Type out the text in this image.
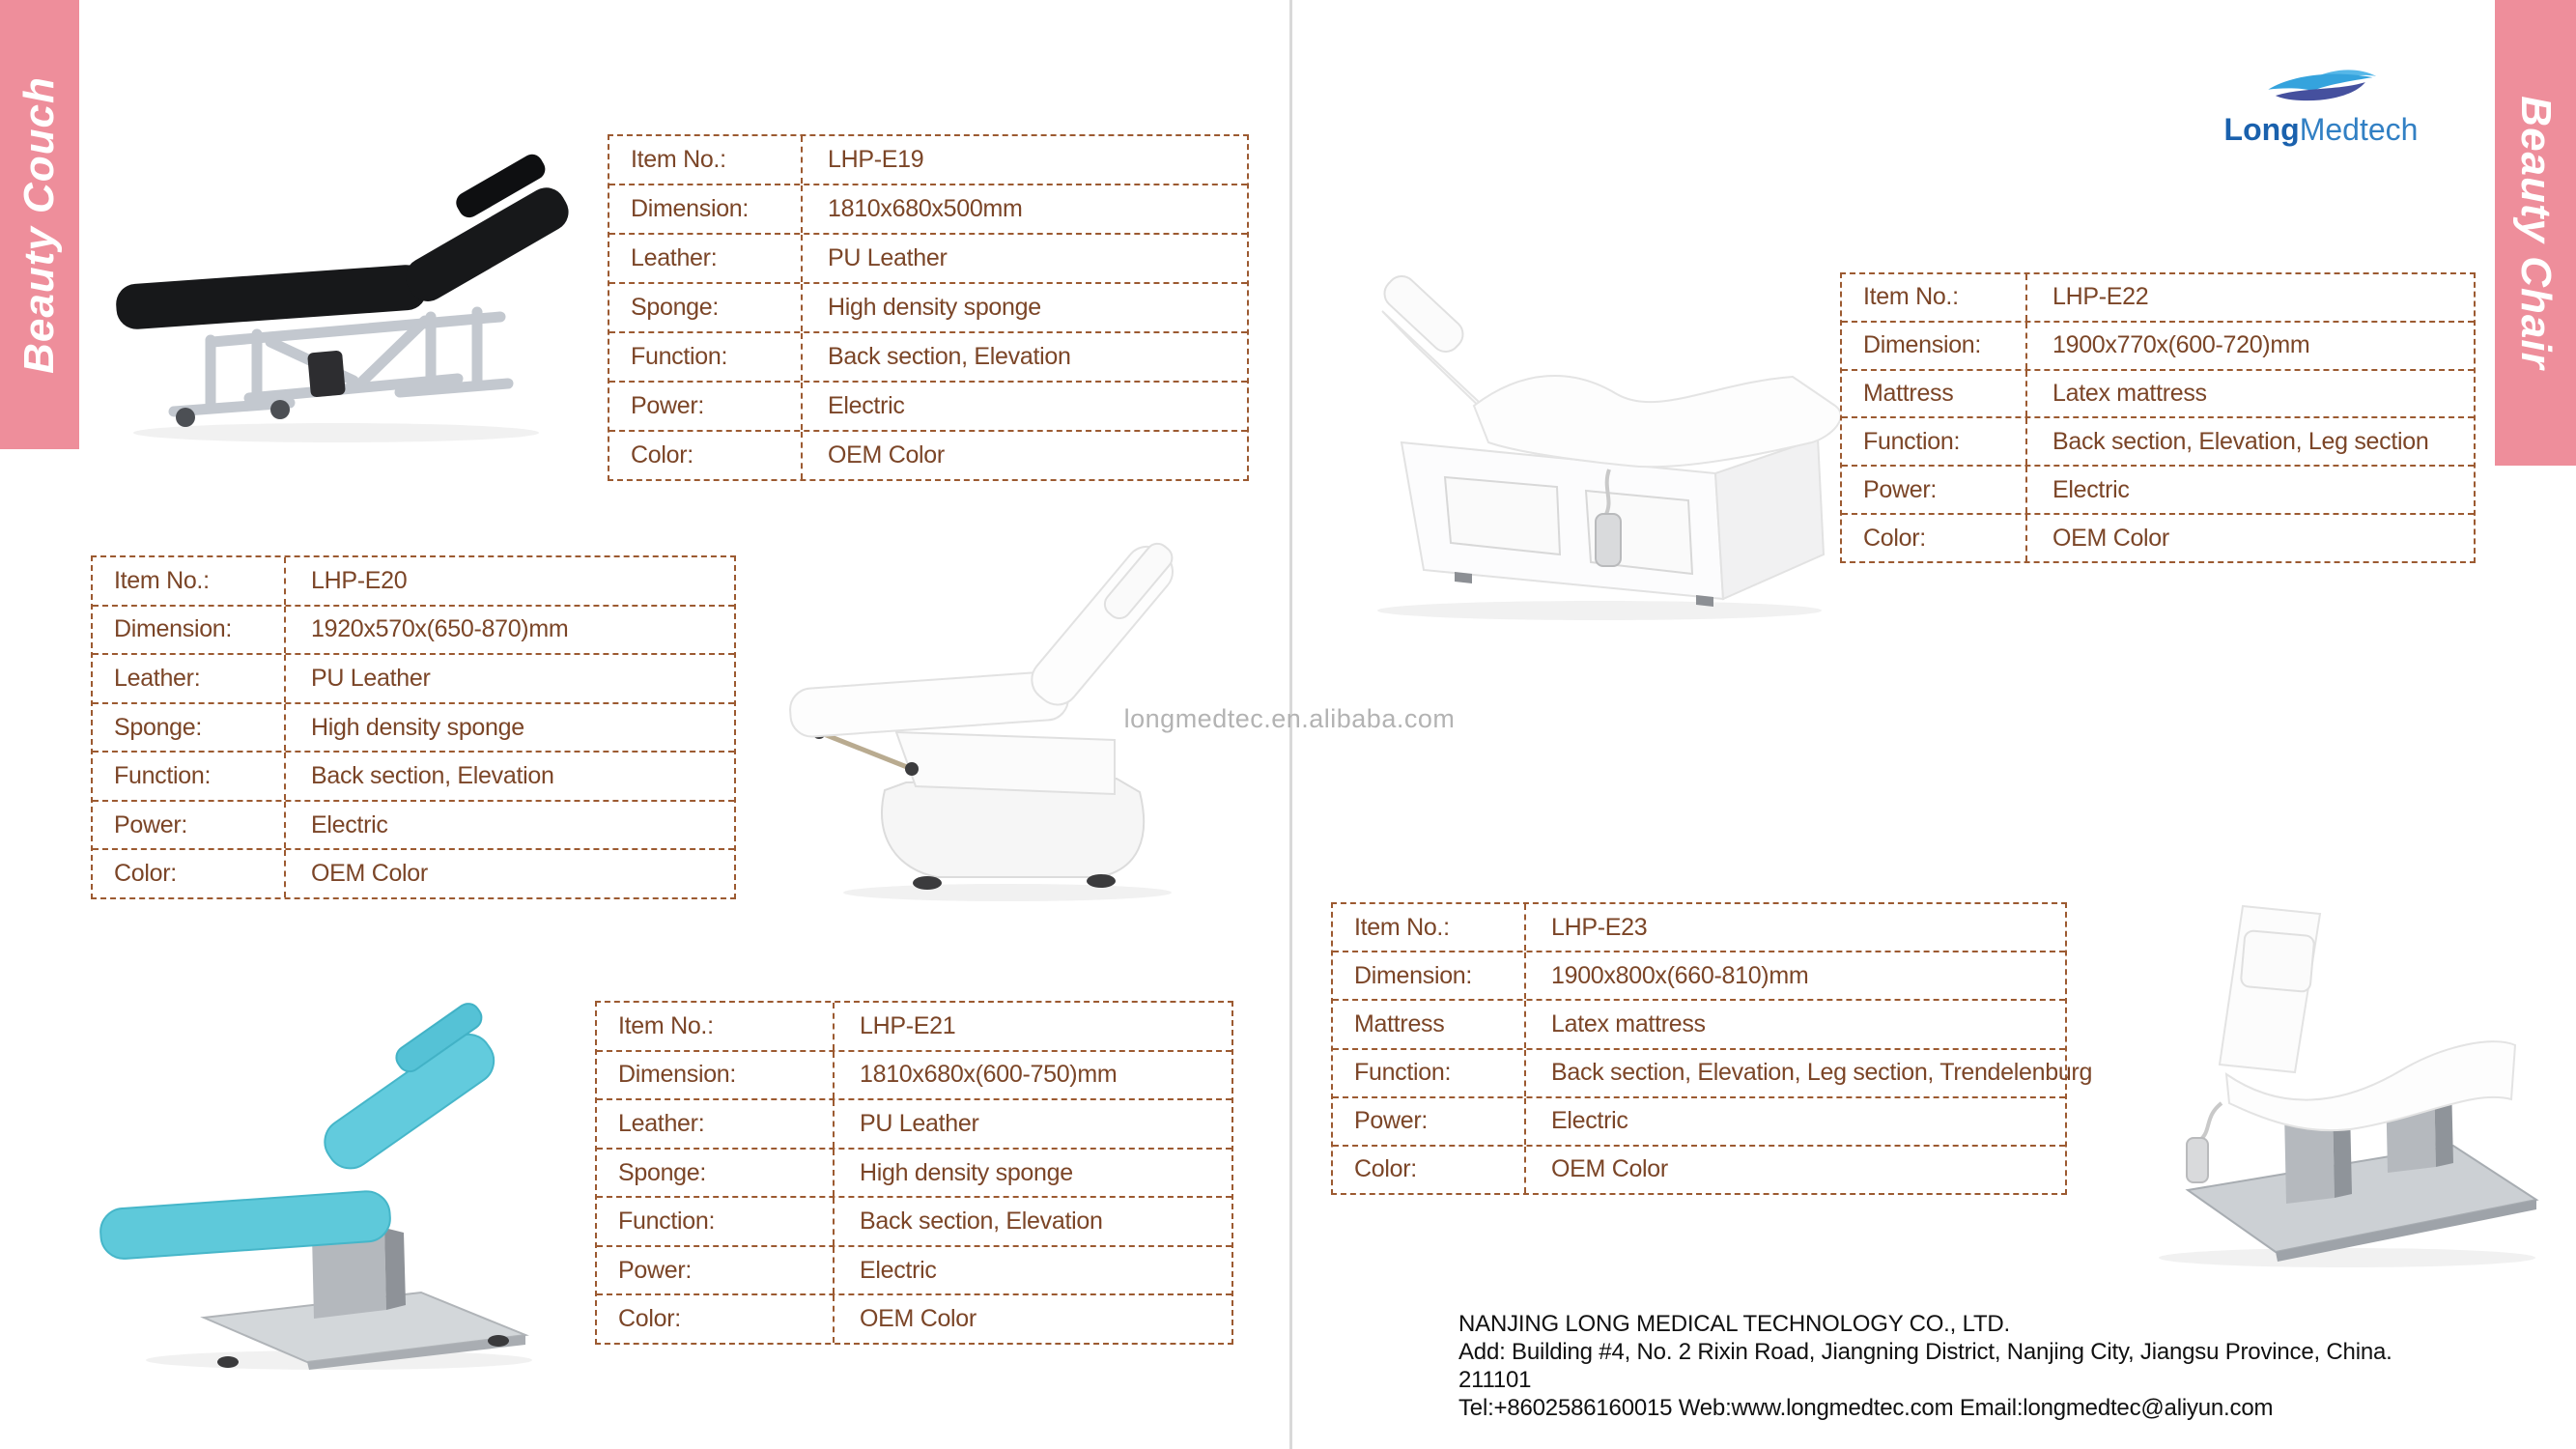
Beauty Couch	Beauty Chair
Item No.:	LHP-E19
Dimension:	1810x680x500mm
Leather:	PU Leather
Sponge:	High density sponge
Function:	Back section, Elevation
Power:	Electric
Color:	OEM Color
Item No.:	LHP-E20
Dimension:	1920x570x(650-870)mm
Leather:	PU Leather
Sponge:	High density sponge
Function:	Back section, Elevation
Power:	Electric
Color:	OEM Color
Item No.:	LHP-E21
Dimension:	1810x680x(600-750)mm
Leather:	PU Leather
Sponge:	High density sponge
Function:	Back section, Elevation
Power:	Electric
Color:	OEM Color
Item No.:	LHP-E22
Dimension:	1900x770x(600-720)mm
Mattress	Latex mattress
Function:	Back section, Elevation, Leg section
Power:	Electric
Color:	OEM Color
Item No.:	LHP-E23
Dimension:	1900x800x(660-810)mm
Mattress	Latex mattress
Function:	Back section, Elevation, Leg section, Trendelenburg
Power:	Electric
Color:	OEM Color
LongMedtech
longmedtec.en.alibaba.com
NANJING LONG MEDICAL TECHNOLOGY CO., LTD.
Add: Building #4, No. 2 Rixin Road, Jiangning District, Nanjing City, Jiangsu Province, China. 211101
Tel:+8602586160015 Web:www.longmedtec.com Email:longmedtec@aliyun.com
